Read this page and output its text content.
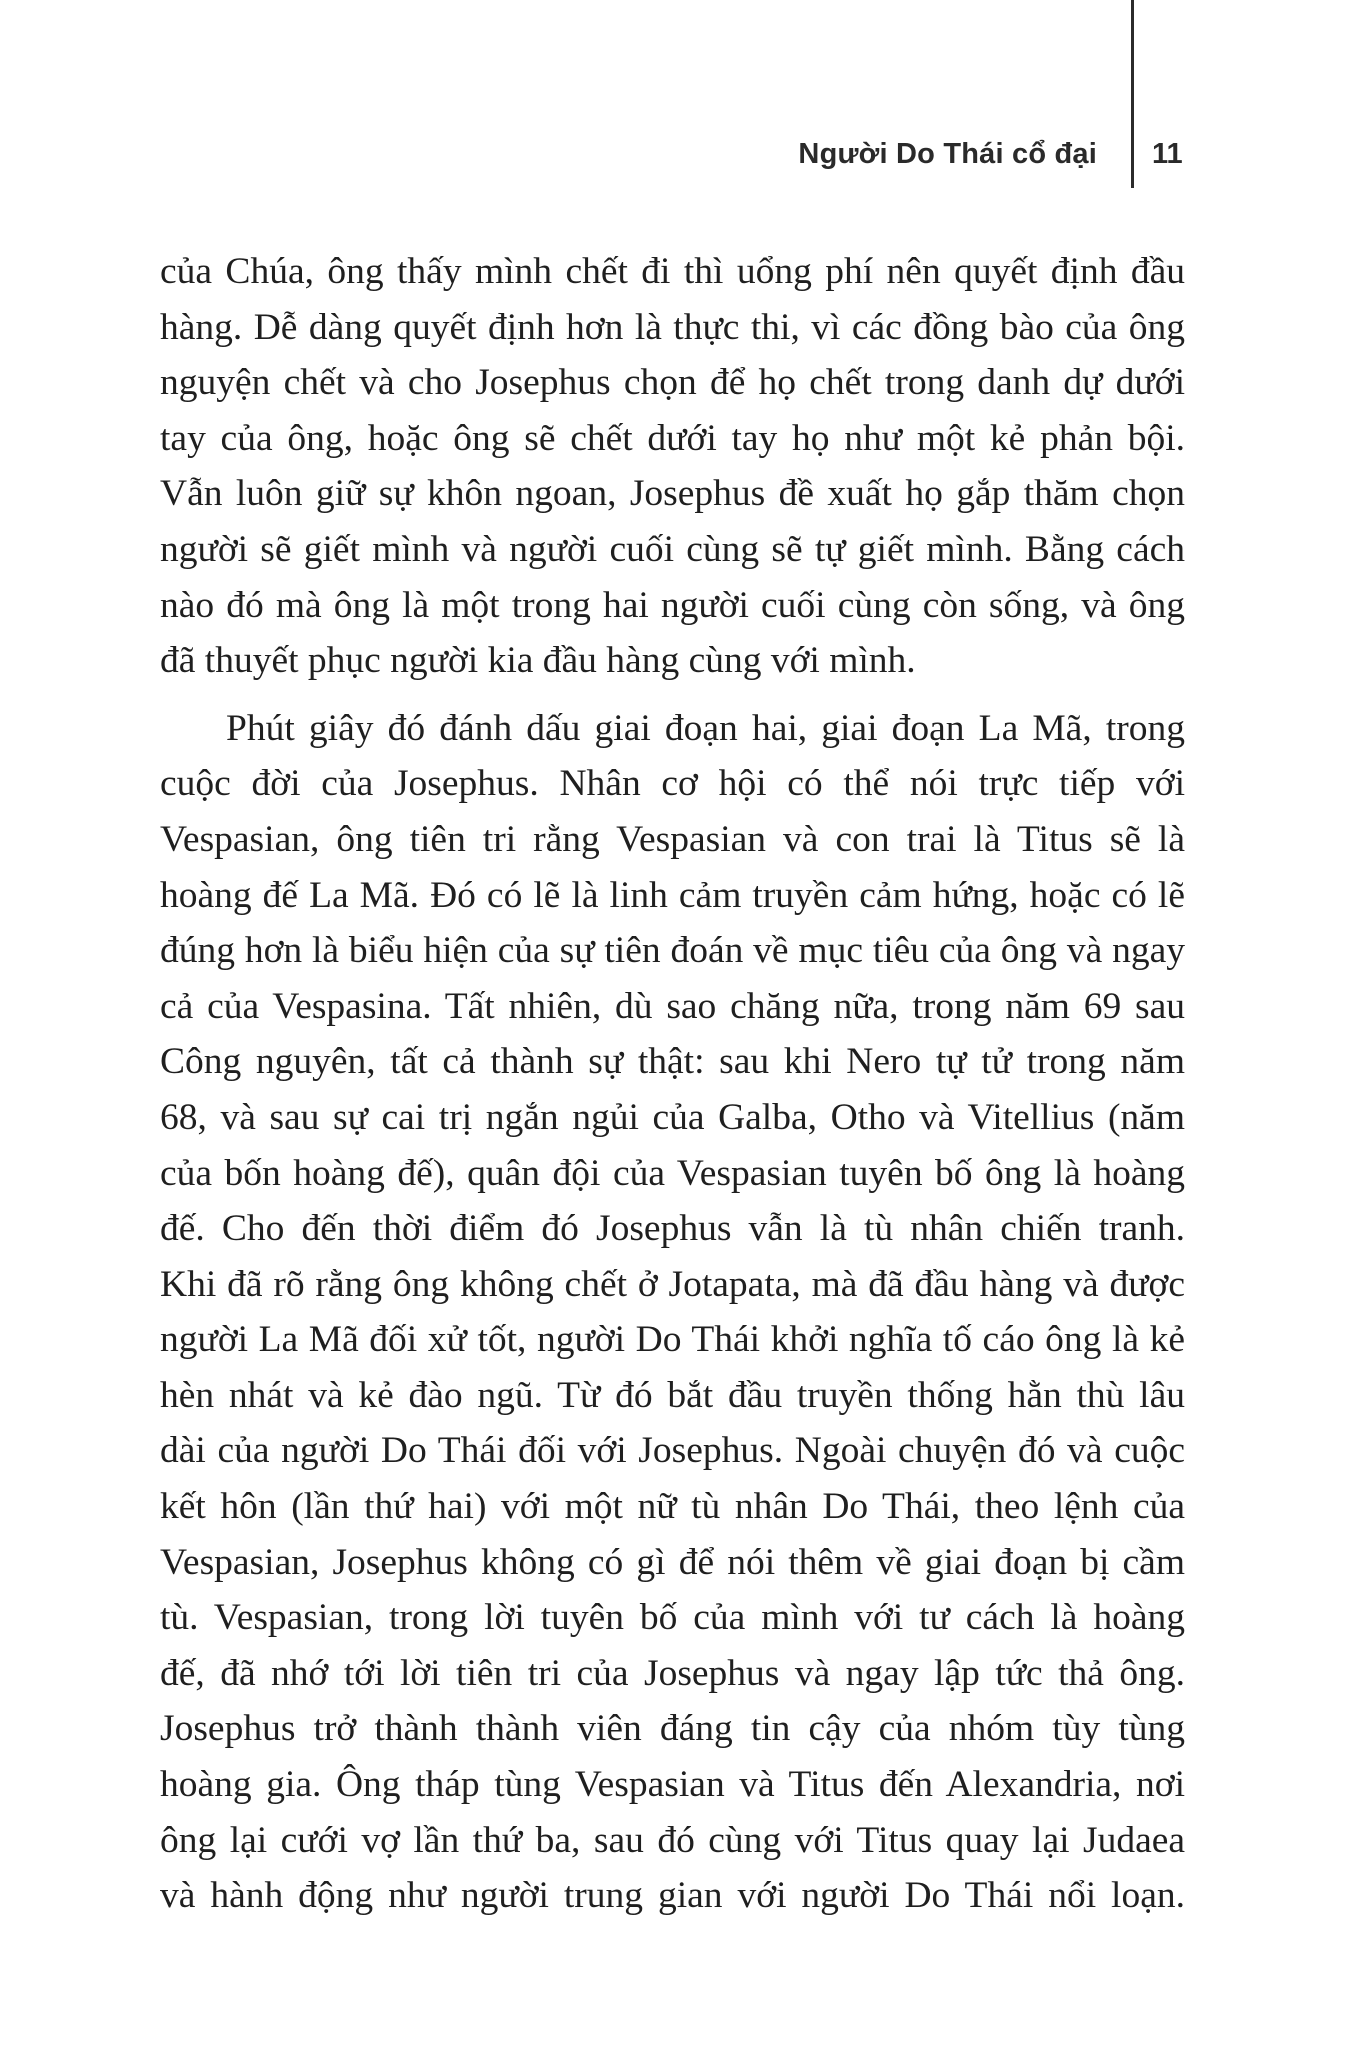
Người Do Thái cổ đại 11
của Chúa, ông thấy mình chết đi thì uổng phí nên quyết định đầu
hàng. Dễ dàng quyết định hơn là thực thi, vì các đồng bào của ông
nguyện chết và cho Josephus chọn để họ chết trong danh dự dưới
tay của ông, hoặc ông sẽ chết dưới tay họ như một kẻ phản bội.
Vẫn luôn giữ sự khôn ngoan, Josephus đề xuất họ gắp thăm chọn
người sẽ giết mình và người cuối cùng sẽ tự giết mình. Bằng cách
nào đó mà ông là một trong hai người cuối cùng còn sống, và ông
đã thuyết phục người kia đầu hàng cùng với mình.
Phút giây đó đánh dấu giai đoạn hai, giai đoạn La Mã, trong
cuộc đời của Josephus. Nhân cơ hội có thể nói trực tiếp với
Vespasian, ông tiên tri rằng Vespasian và con trai là Titus sẽ là
hoàng đế La Mã. Đó có lẽ là linh cảm truyền cảm hứng, hoặc có lẽ
đúng hơn là biểu hiện của sự tiên đoán về mục tiêu của ông và ngay
cả của Vespasina. Tất nhiên, dù sao chăng nữa, trong năm 69 sau
Công nguyên, tất cả thành sự thật: sau khi Nero tự tử trong năm
68, và sau sự cai trị ngắn ngủi của Galba, Otho và Vitellius (năm
của bốn hoàng đế), quân đội của Vespasian tuyên bố ông là hoàng
đế. Cho đến thời điểm đó Josephus vẫn là tù nhân chiến tranh.
Khi đã rõ rằng ông không chết ở Jotapata, mà đã đầu hàng và được
người La Mã đối xử tốt, người Do Thái khởi nghĩa tố cáo ông là kẻ
hèn nhát và kẻ đào ngũ. Từ đó bắt đầu truyền thống hằn thù lâu
dài của người Do Thái đối với Josephus. Ngoài chuyện đó và cuộc
kết hôn (lần thứ hai) với một nữ tù nhân Do Thái, theo lệnh của
Vespasian, Josephus không có gì để nói thêm về giai đoạn bị cầm
tù. Vespasian, trong lời tuyên bố của mình với tư cách là hoàng
đế, đã nhớ tới lời tiên tri của Josephus và ngay lập tức thả ông.
Josephus trở thành thành viên đáng tin cậy của nhóm tùy tùng
hoàng gia. Ông tháp tùng Vespasian và Titus đến Alexandria, nơi
ông lại cưới vợ lần thứ ba, sau đó cùng với Titus quay lại Judaea
và hành động như người trung gian với người Do Thái nổi loạn.
